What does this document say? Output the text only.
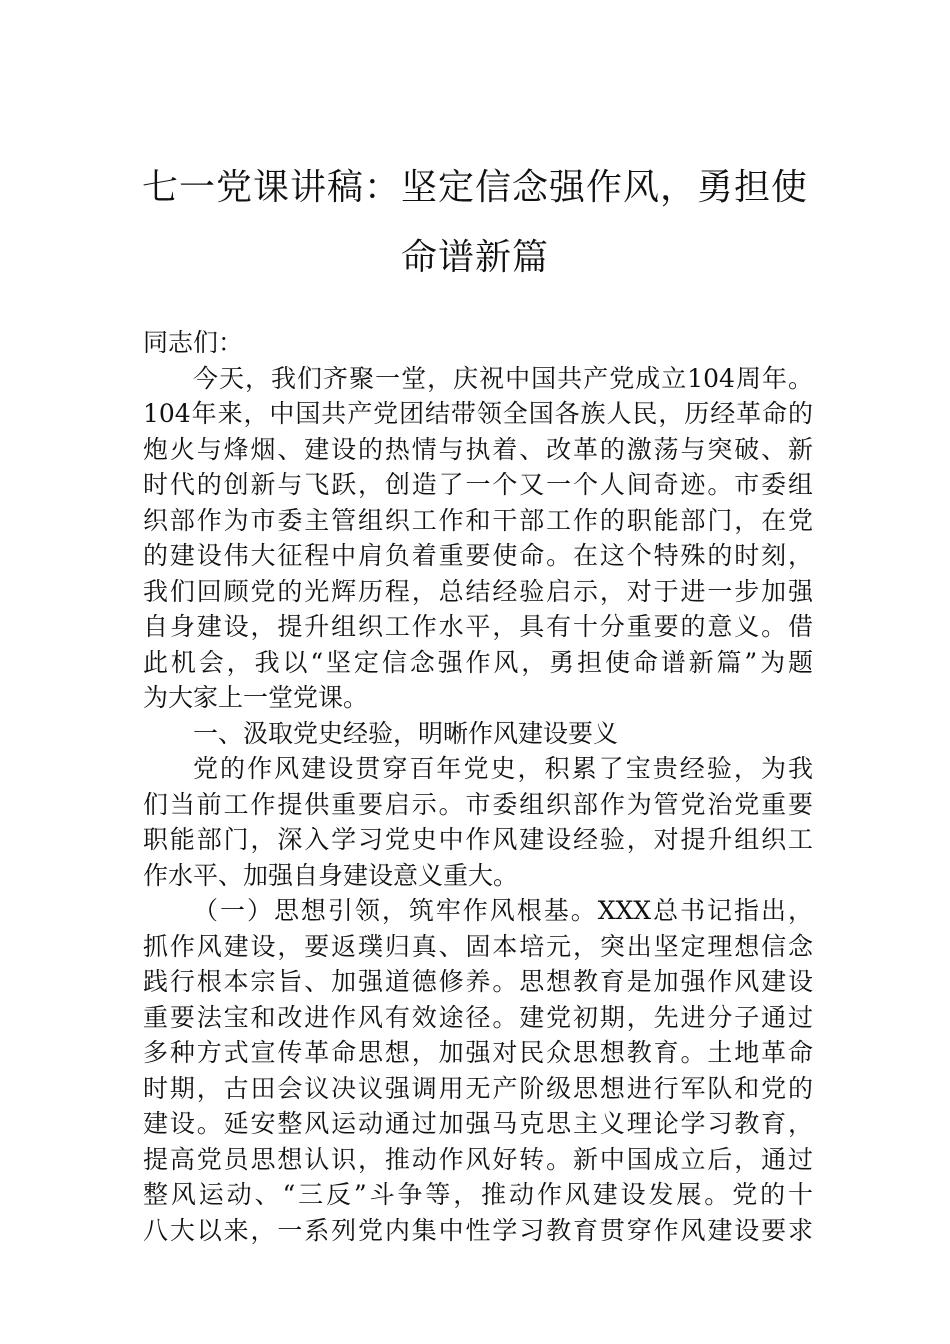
七一党课讲稿：坚定信念强作风，勇担使
命谱新篇
同志们：
今天，我们齐聚一堂，庆祝中国共产党成立104周年。
104年来，中国共产党团结带领全国各族人民，历经革命的
炮火与烽烟、建设的热情与执着、改革的激荡与突破、新
时代的创新与飞跃，创造了一个又一个人间奇迹。市委组
织部作为市委主管组织工作和干部工作的职能部门，在党
的建设伟大征程中肩负着重要使命。在这个特殊的时刻，
我们回顾党的光辉历程，总结经验启示，对于进一步加强
自身建设，提升组织工作水平，具有十分重要的意义。借
此机会，我以“坚定信念强作风，勇担使命谱新篇”为题
为大家上一堂党课。
一、汲取党史经验，明晰作风建设要义
党的作风建设贯穿百年党史，积累了宝贵经验，为我
们当前工作提供重要启示。市委组织部作为管党治党重要
职能部门，深入学习党史中作风建设经验，对提升组织工
作水平、加强自身建设意义重大。
（一）思想引领，筑牢作风根基。XXX总书记指出，
抓作风建设，要返璞归真、固本培元，突出坚定理想信念
践行根本宗旨、加强道德修养。思想教育是加强作风建设
重要法宝和改进作风有效途径。建党初期，先进分子通过
多种方式宣传革命思想，加强对民众思想教育。土地革命
时期，古田会议决议强调用无产阶级思想进行军队和党的
建设。延安整风运动通过加强马克思主义理论学习教育，
提高党员思想认识，推动作风好转。新中国成立后，通过
整风运动、“三反”斗争等，推动作风建设发展。党的十
八大以来，一系列党内集中性学习教育贯穿作风建设要求
